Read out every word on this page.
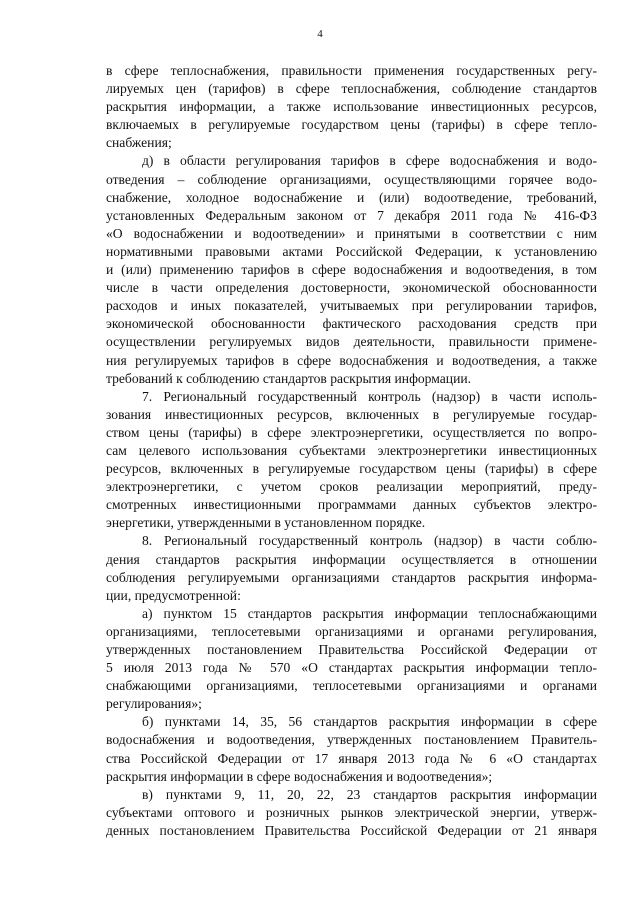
4
в сфере теплоснабжения, правильности применения государственных регу-
лируемых цен (тарифов) в сфере теплоснабжения, соблюдение стандартов
раскрытия информации, а также использование инвестиционных ресурсов,
включаемых в регулируемые государством цены (тарифы) в сфере тепло-
снабжения;
д) в области регулирования тарифов в сфере водоснабжения и водо-
отведения – соблюдение организациями, осуществляющими горячее водо-
снабжение, холодное водоснабжение и (или) водоотведение, требований,
установленных Федеральным законом от 7 декабря 2011 года № 416-ФЗ
«О водоснабжении и водоотведении» и принятыми в соответствии с ним
нормативными правовыми актами Российской Федерации, к установлению
и (или) применению тарифов в сфере водоснабжения и водоотведения, в том
числе в части определения достоверности, экономической обоснованности
расходов и иных показателей, учитываемых при регулировании тарифов,
экономической обоснованности фактического расходования средств при
осуществлении регулируемых видов деятельности, правильности примене-
ния регулируемых тарифов в сфере водоснабжения и водоотведения, а также
требований к соблюдению стандартов раскрытия информации.
7. Региональный государственный контроль (надзор) в части исполь-
зования инвестиционных ресурсов, включенных в регулируемые государ-
ством цены (тарифы) в сфере электроэнергетики, осуществляется по вопро-
сам целевого использования субъектами электроэнергетики инвестиционных
ресурсов, включенных в регулируемые государством цены (тарифы) в сфере
электроэнергетики, с учетом сроков реализации мероприятий, преду-
смотренных инвестиционными программами данных субъектов электро-
энергетики, утвержденными в установленном порядке.
8. Региональный государственный контроль (надзор) в части соблю-
дения стандартов раскрытия информации осуществляется в отношении
соблюдения регулируемыми организациями стандартов раскрытия информа-
ции, предусмотренной:
а) пунктом 15 стандартов раскрытия информации теплоснабжающими
организациями, теплосетевыми организациями и органами регулирования,
утвержденных постановлением Правительства Российской Федерации от
5 июля 2013 года № 570 «О стандартах раскрытия информации тепло-
снабжающими организациями, теплосетевыми организациями и органами
регулирования»;
б) пунктами 14, 35, 56 стандартов раскрытия информации в сфере
водоснабжения и водоотведения, утвержденных постановлением Правитель-
ства Российской Федерации от 17 января 2013 года № 6 «О стандартах
раскрытия информации в сфере водоснабжения и водоотведения»;
в) пунктами 9, 11, 20, 22, 23 стандартов раскрытия информации
субъектами оптового и розничных рынков электрической энергии, утверж-
денных постановлением Правительства Российской Федерации от 21 января
